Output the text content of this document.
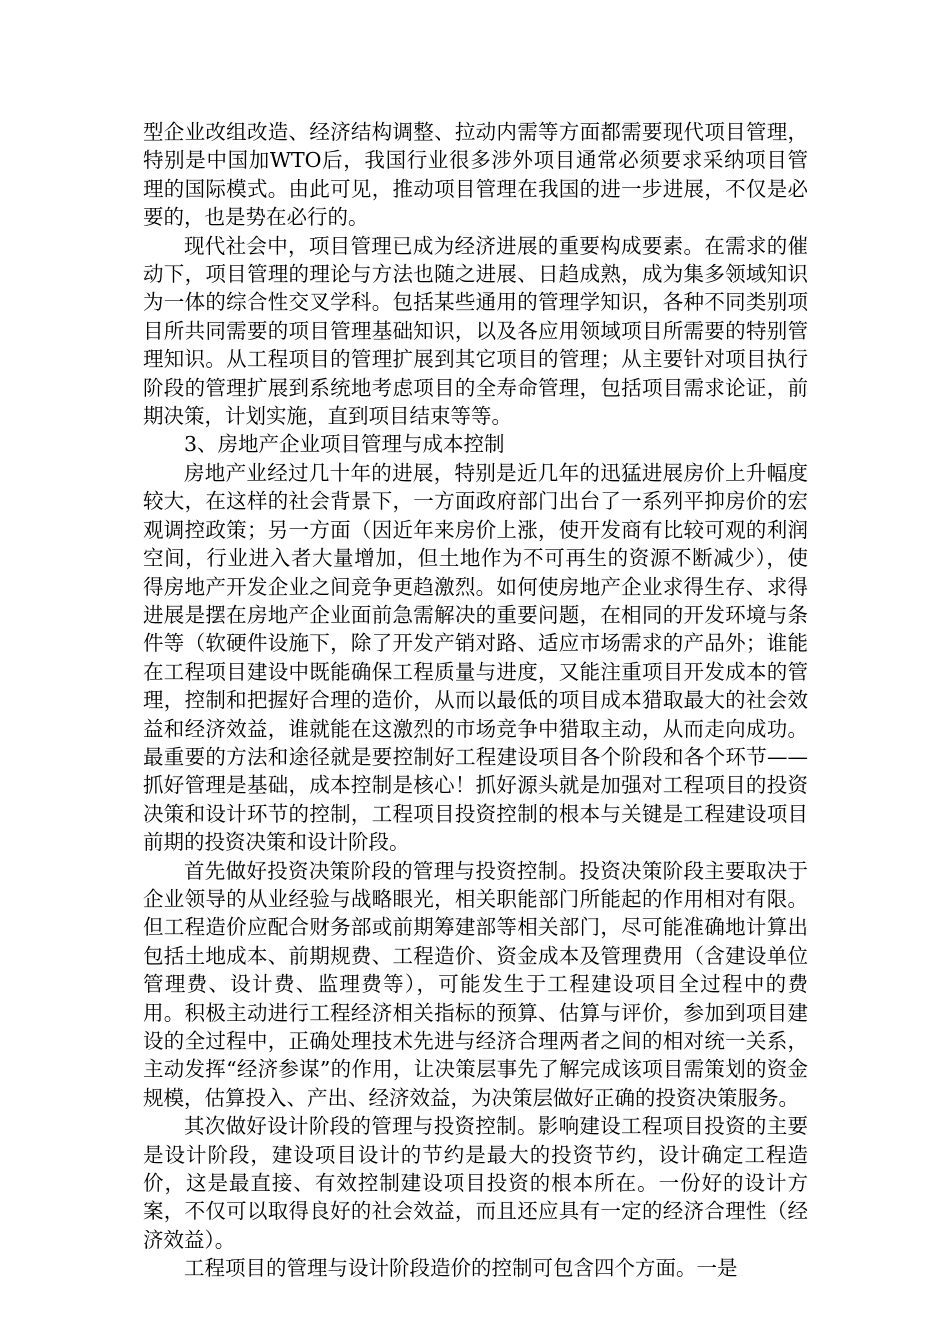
型企业改组改造、经济结构调整、拉动内需等方面都需要现代项目管理，特别是中国加WTO后，我国行业很多涉外项目通常必须要求采纳项目管理的国际模式。由此可见，推动项目管理在我国的进一步进展，不仅是必要的，也是势在必行的。

现代社会中，项目管理已成为经济进展的重要构成要素。在需求的催动下，项目管理的理论与方法也随之进展、日趋成熟，成为集多领域知识为一体的综合性交叉学科。包括某些通用的管理学知识，各种不同类别项目所共同需要的项目管理基础知识，以及各应用领域项目所需要的特别管理知识。从工程项目的管理扩展到其它项目的管理；从主要针对项目执行阶段的管理扩展到系统地考虑项目的全寿命管理，包括项目需求论证，前期决策，计划实施，直到项目结束等等。

3、房地产企业项目管理与成本控制

房地产业经过几十年的进展，特别是近几年的迅猛进展房价上升幅度较大，在这样的社会背景下，一方面政府部门出台了一系列平抑房价的宏观调控政策；另一方面（因近年来房价上涨，使开发商有比较可观的利润空间，行业进入者大量增加，但土地作为不可再生的资源不断减少），使得房地产开发企业之间竞争更趋激烈。如何使房地产企业求得生存、求得进展是摆在房地产企业面前急需解决的重要问题，在相同的开发环境与条件等（软硬件设施下，除了开发产销对路、适应市场需求的产品外；谁能在工程项目建设中既能确保工程质量与进度，又能注重项目开发成本的管理，控制和把握好合理的造价，从而以最低的项目成本猎取最大的社会效益和经济效益，谁就能在这激烈的市场竞争中猎取主动，从而走向成功。最重要的方法和途径就是要控制好工程建设项目各个阶段和各个环节——抓好管理是基础，成本控制是核心！抓好源头就是加强对工程项目的投资决策和设计环节的控制，工程项目投资控制的根本与关键是工程建设项目前期的投资决策和设计阶段。

首先做好投资决策阶段的管理与投资控制。投资决策阶段主要取决于企业领导的从业经验与战略眼光，相关职能部门所能起的作用相对有限。但工程造价应配合财务部或前期筹建部等相关部门，尽可能准确地计算出包括土地成本、前期规费、工程造价、资金成本及管理费用（含建设单位管理费、设计费、监理费等），可能发生于工程建设项目全过程中的费用。积极主动进行工程经济相关指标的预算、估算与评价，参加到项目建设的全过程中，正确处理技术先进与经济合理两者之间的相对统一关系，主动发挥“经济参谋”的作用，让决策层事先了解完成该项目需策划的资金规模，估算投入、产出、经济效益，为决策层做好正确的投资决策服务。

其次做好设计阶段的管理与投资控制。影响建设工程项目投资的主要是设计阶段，建设项目设计的节约是最大的投资节约，设计确定工程造价，这是最直接、有效控制建设项目投资的根本所在。一份好的设计方案，不仅可以取得良好的社会效益，而且还应具有一定的经济合理性（经济效益）。

工程项目的管理与设计阶段造价的控制可包含四个方面。一是
